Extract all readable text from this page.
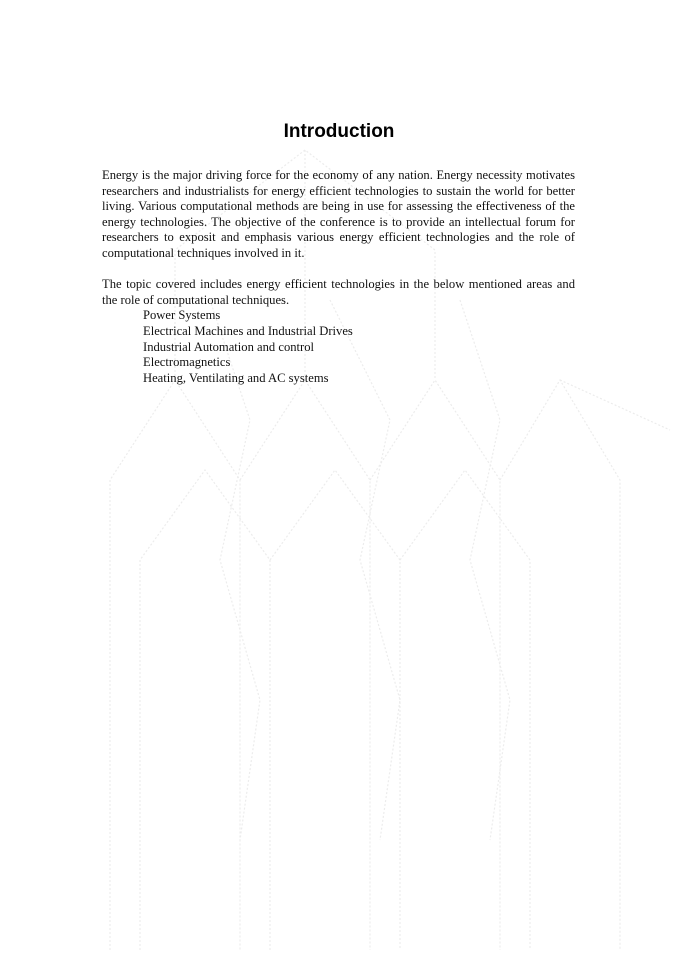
Introduction

Energy is the major driving force for the economy of any nation. Energy necessity motivates researchers and industrialists for energy efficient technologies to sustain the world for better living. Various computational methods are being in use for assessing the effectiveness of the energy technologies. The objective of the conference is to provide an intellectual forum for researchers to exposit and emphasis various energy efficient technologies and the role of computational techniques involved in it.

The topic covered includes energy efficient technologies in the below mentioned areas and the role of computational techniques.

Power Systems
Electrical Machines and Industrial Drives
Industrial Automation and control
Electromagnetics
Heating, Ventilating and AC systems
